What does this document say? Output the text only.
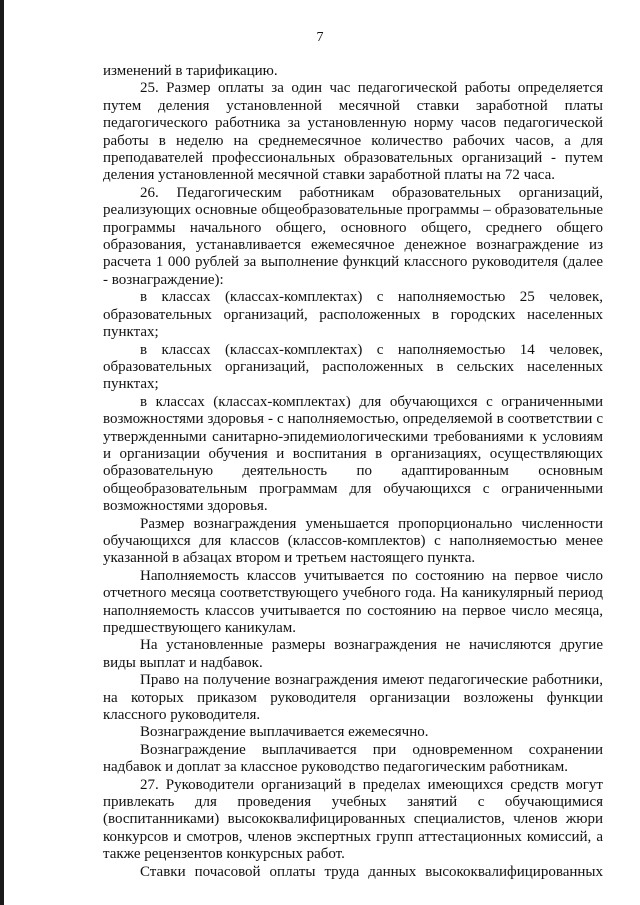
7

изменений в тарификацию.

25. Размер оплаты за один час педагогической работы определяется путем деления установленной месячной ставки заработной платы педагогического работника за установленную норму часов педагогической работы в неделю на среднемесячное количество рабочих часов, а для преподавателей профессиональных образовательных организаций - путем деления установленной месячной ставки заработной платы на 72 часа.

26. Педагогическим работникам образовательных организаций, реализующих основные общеобразовательные программы – образовательные программы начального общего, основного общего, среднего общего образования, устанавливается ежемесячное денежное вознаграждение из расчета 1 000 рублей за выполнение функций классного руководителя (далее - вознаграждение):

в классах (классах-комплектах) с наполняемостью 25 человек, образовательных организаций, расположенных в городских населенных пунктах;

в классах (классах-комплектах) с наполняемостью 14 человек, образовательных организаций, расположенных в сельских населенных пунктах;

в классах (классах-комплектах) для обучающихся с ограниченными возможностями здоровья - с наполняемостью, определяемой в соответствии с утвержденными санитарно-эпидемиологическими требованиями к условиям и организации обучения и воспитания в организациях, осуществляющих образовательную деятельность по адаптированным основным общеобразовательным программам для обучающихся с ограниченными возможностями здоровья.

Размер вознаграждения уменьшается пропорционально численности обучающихся для классов (классов-комплектов) с наполняемостью менее указанной в абзацах втором и третьем настоящего пункта.

Наполняемость классов учитывается по состоянию на первое число отчетного месяца соответствующего учебного года. На каникулярный период наполняемость классов учитывается по состоянию на первое число месяца, предшествующего каникулам.

На установленные размеры вознаграждения не начисляются другие виды выплат и надбавок.

Право на получение вознаграждения имеют педагогические работники, на которых приказом руководителя организации возложены функции классного руководителя.

Вознаграждение выплачивается ежемесячно.

Вознаграждение выплачивается при одновременном сохранении надбавок и доплат за классное руководство педагогическим работникам.

27. Руководители организаций в пределах имеющихся средств могут привлекать для проведения учебных занятий с обучающимися (воспитанниками) высококвалифицированных специалистов, членов жюри конкурсов и смотров, членов экспертных групп аттестационных комиссий, а также рецензентов конкурсных работ.

Ставки почасовой оплаты труда данных высококвалифицированных
